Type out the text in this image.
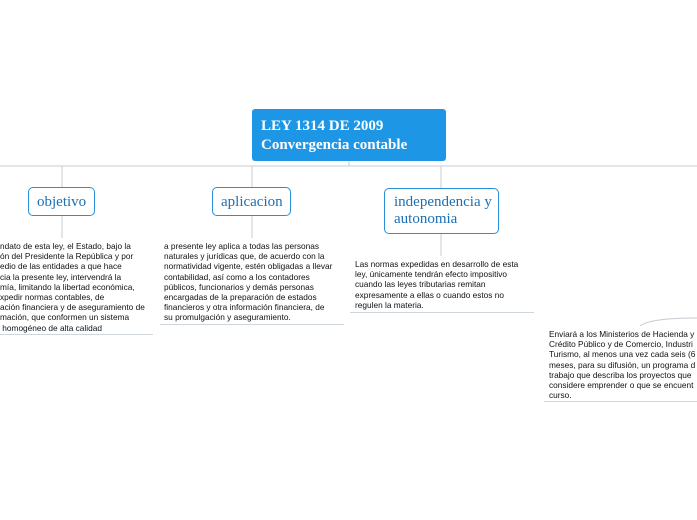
LEY 1314 DE 2009
Convergencia contable
objetivo
ndato de esta ley, el Estado, bajo la
ón del Presidente la República y por
edio de las entidades a que hace
cia la presente ley, intervendrá la
mía, limitando la libertad económica,
xpedir normas contables, de
ación financiera y de aseguramiento de
mación, que conformen un sistema
homogéneo de alta calidad
aplicacion
a presente ley aplica a todas las personas
naturales y jurídicas que, de acuerdo con la
normatividad vigente, estén obligadas a llevar
contabilidad, así como a los contadores
públicos, funcionarios y demás personas
encargadas de la preparación de estados
financieros y otra información financiera, de
su promulgación y aseguramiento.
independencia y
autonomia
Las normas expedidas en desarrollo de esta
ley, únicamente tendrán efecto impositivo
cuando las leyes tributarias remitan
expresamente a ellas o cuando estos no
regulen la materia.
Enviará a los Ministerios de Hacienda y
Crédito Público y de Comercio, Industri
Turismo, al menos una vez cada seis (6
meses, para su difusión, un programa d
trabajo que describa los proyectos que
considere emprender o que se encuent
curso.
